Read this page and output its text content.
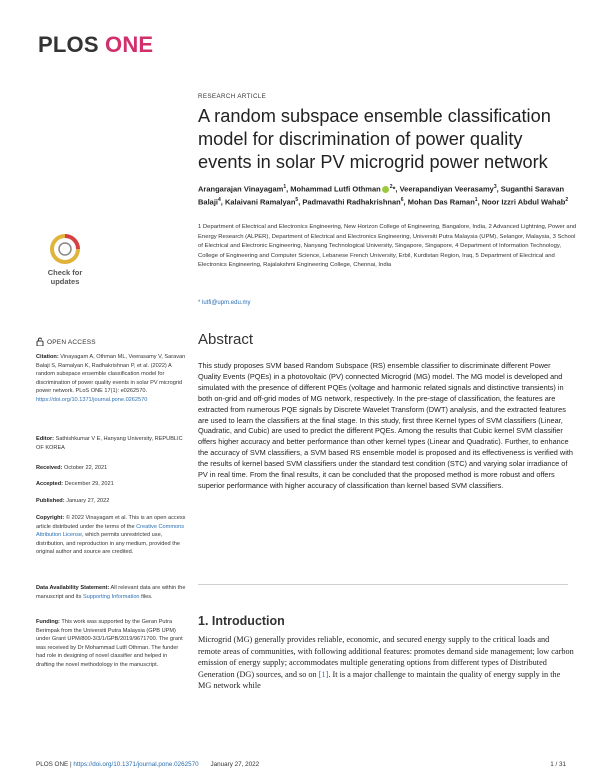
PLOS ONE
RESEARCH ARTICLE
A random subspace ensemble classification model for discrimination of power quality events in solar PV microgrid power network
Arangarajan Vinayagam$^1$, Mohammad Lutfi Othman $^2$*, Veerapandiyan Veerasamy$^3$, Suganthi Saravan Balaji$^4$, Kalaivani Ramalyan$^5$, Padmavathi Radhakrishnan$^6$, Mohan Das Raman$^1$, Noor Izzri Abdul Wahab$^2$
1 Department of Electrical and Electronics Engineering, New Horizon College of Engineering, Bangalore, India, 2 Advanced Lightning, Power and Energy Research (ALPER), Department of Electrical and Electronics Engineering, Universiti Putra Malaysia (UPM), Selangor, Malaysia, 3 School of Electrical and Electronic Engineering, Nanyang Technological University, Singapore, Singapore, 4 Department of Information Technology, College of Engineering and Computer Science, Lebanese French University, Erbil, Kurdistan Region, Iraq, 5 Department of Electrical and Electronics Engineering, Rajalakshmi Engineering College, Chennai, India
* lutfi@upm.edu.my
Abstract
This study proposes SVM based Random Subspace (RS) ensemble classifier to discriminate different Power Quality Events (PQEs) in a photovoltaic (PV) connected Microgrid (MG) model. The MG model is developed and simulated with the presence of different PQEs (voltage and harmonic related signals and distinctive transients) in both on-grid and off-grid modes of MG network, respectively. In the pre-stage of classification, the features are extracted from numerous PQE signals by Discrete Wavelet Transform (DWT) analysis, and the extracted features are used to learn the classifiers at the final stage. In this study, first three Kernel types of SVM classifiers (Linear, Quadratic, and Cubic) are used to predict the different PQEs. Among the results that Cubic kernel SVM classifier offers higher accuracy and better performance than other kernel types (Linear and Quadratic). Further, to enhance the accuracy of SVM classifiers, a SVM based RS ensemble model is proposed and its effectiveness is verified with the results of kernel based SVM classifiers under the standard test condition (STC) and varying solar irradiance of PV in real time. From the final results, it can be concluded that the proposed method is more robust and offers superior performance with higher accuracy of classification than kernel based SVM classifiers.
1. Introduction
Microgrid (MG) generally provides reliable, economic, and secured energy supply to the critical loads and remote areas of communities, with following additional features: promotes demand side management; low carbon emission of energy supply; accommodates multiple generating options from different types of Distributed Generation (DG) sources, and so on [1]. It is a major challenge to maintain the quality of energy supply in the MG network while
Check for updates
OPEN ACCESS
Citation: Vinayagam A, Othman ML, Veerasamy V, Saravan Balaji S, Ramalyan K, Radhakrishnan P, et al. (2022) A random subspace ensemble classification model for discrimination of power quality events in solar PV microgrid power network. PLoS ONE 17(1): e0262570. https://doi.org/10.1371/journal.pone.0262570
Editor: Sathishkumar V E, Hanyang University, REPUBLIC OF KOREA
Received: October 22, 2021
Accepted: December 29, 2021
Published: January 27, 2022
Copyright: © 2022 Vinayagam et al. This is an open access article distributed under the terms of the Creative Commons Attribution License, which permits unrestricted use, distribution, and reproduction in any medium, provided the original author and source are credited.
Data Availability Statement: All relevant data are within the manuscript and its Supporting Information files.
Funding: This work was supported by the Geran Putra Berimpak from the Universiti Putra Malaysia (GPB UPM) under Grant UPM/800-3/3/1/GPB/2019/9671700. The grant was received by Dr Mohammad Lutfi Othman. The funder had role in designing of novel classifier and helped in drafting the novel methodology in the manuscript.
PLOS ONE | https://doi.org/10.1371/journal.pone.0262570 January 27, 2022	1 / 31
